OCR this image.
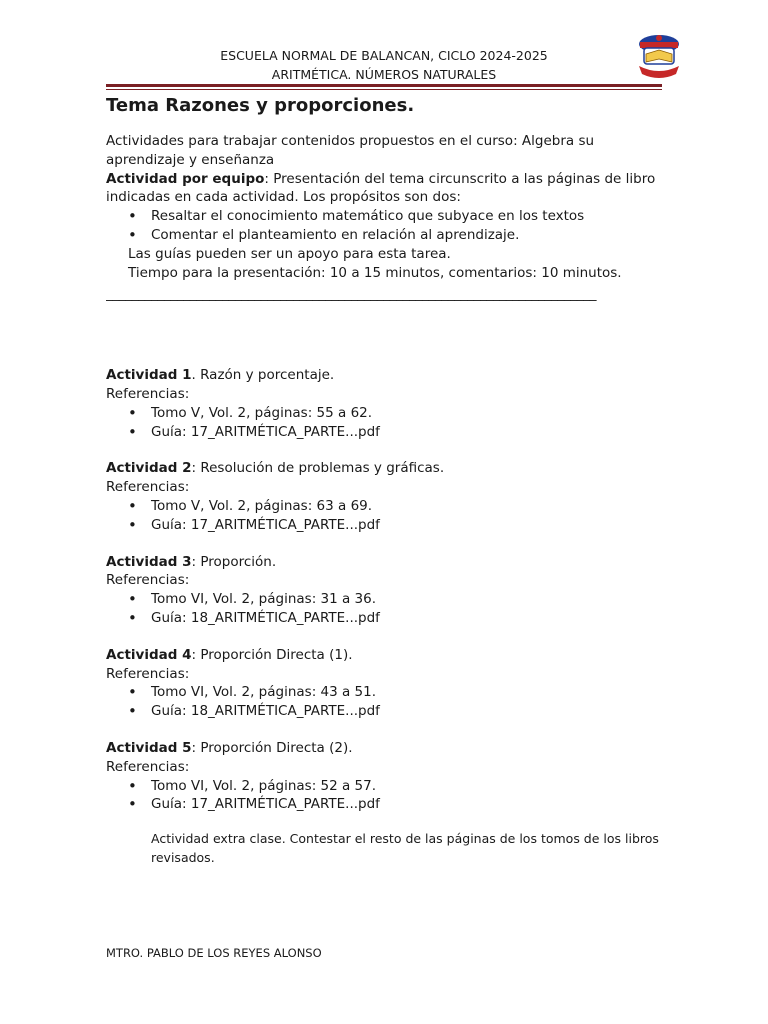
ESCUELA NORMAL DE BALANCAN, CICLO 2024-2025
ARITMÉTICA. NÚMEROS NATURALES
Tema Razones y proporciones.

Actividades para trabajar contenidos propuestos en el curso: Algebra su aprendizaje y enseñanza

Actividad por equipo: Presentación del tema circunscrito a las páginas de libro indicadas en cada actividad. Los propósitos son dos:

• Resaltar el conocimiento matemático que subyace en los textos
• Comentar el planteamiento en relación al aprendizaje.

Las guías pueden ser un apoyo para esta tarea.

Tiempo para la presentación: 10 a 15 minutos, comentarios: 10 minutos.

____________________________________________________________________________

Actividad 1. Razón y porcentaje.

Referencias:

• Tomo V, Vol. 2, páginas: 55 a 62.
• Guía: 17_ARITMÉTICA_PARTE...pdf

Actividad 2: Resolución de problemas y gráficas.

Referencias:

• Tomo V, Vol. 2, páginas: 63 a 69.
• Guía: 17_ARITMÉTICA_PARTE...pdf

Actividad 3: Proporción.

Referencias:

• Tomo VI, Vol. 2, páginas: 31 a 36.
• Guía: 18_ARITMÉTICA_PARTE...pdf

Actividad 4: Proporción Directa (1).

Referencias:

• Tomo VI, Vol. 2, páginas: 43 a 51.
• Guía: 18_ARITMÉTICA_PARTE...pdf

Actividad 5: Proporción Directa (2).

Referencias:

• Tomo VI, Vol. 2, páginas: 52 a 57.
• Guía: 17_ARITMÉTICA_PARTE...pdf

Actividad extra clase. Contestar el resto de las páginas de los tomos de los libros revisados.

MTRO. PABLO DE LOS REYES ALONSO
